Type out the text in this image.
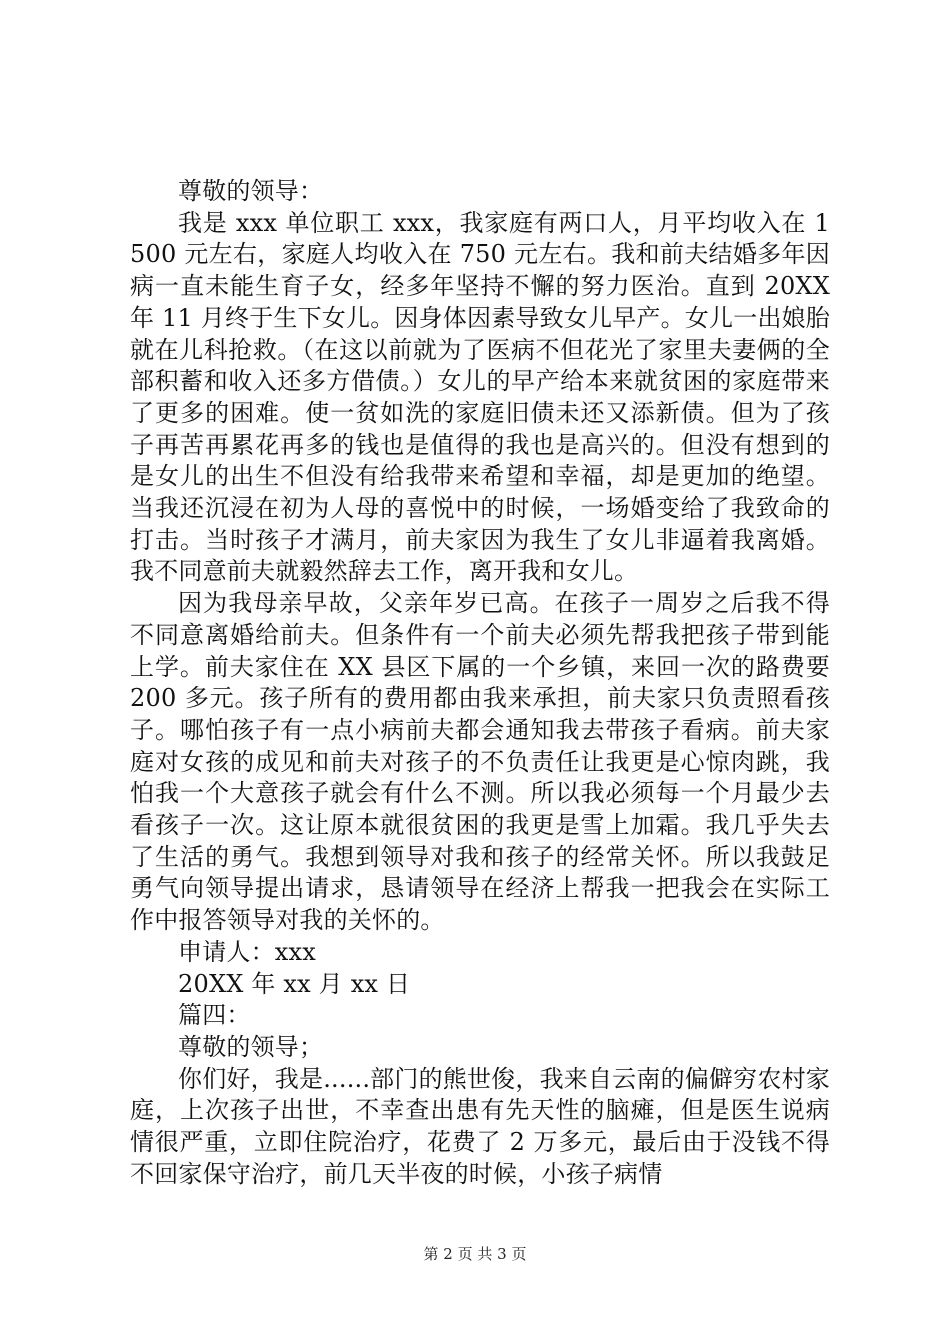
尊敬的领导：

我是 xxx 单位职工 xxx，我家庭有两口人，月平均收入在 1500 元左右，家庭人均收入在 750 元左右。我和前夫结婚多年因病一直未能生育子女，经多年坚持不懈的努力医治。直到 20XX 年 11 月终于生下女儿。因身体因素导致女儿早产。女儿一出娘胎就在儿科抢救。（在这以前就为了医病不但花光了家里夫妻俩的全部积蓄和收入还多方借债。）女儿的早产给本来就贫困的家庭带来了更多的困难。使一贫如洗的家庭旧债未还又添新债。但为了孩子再苦再累花再多的钱也是值得的我也是高兴的。但没有想到的是女儿的出生不但没有给我带来希望和幸福，却是更加的绝望。当我还沉浸在初为人母的喜悦中的时候，一场婚变给了我致命的打击。当时孩子才满月，前夫家因为我生了女儿非逼着我离婚。我不同意前夫就毅然辞去工作，离开我和女儿。

因为我母亲早故，父亲年岁已高。在孩子一周岁之后我不得不同意离婚给前夫。但条件有一个前夫必须先帮我把孩子带到能上学。前夫家住在 XX 县区下属的一个乡镇，来回一次的路费要 200 多元。孩子所有的费用都由我来承担，前夫家只负责照看孩子。哪怕孩子有一点小病前夫都会通知我去带孩子看病。前夫家庭对女孩的成见和前夫对孩子的不负责任让我更是心惊肉跳，我怕我一个大意孩子就会有什么不测。所以我必须每一个月最少去看孩子一次。这让原本就很贫困的我更是雪上加霜。我几乎失去了生活的勇气。我想到领导对我和孩子的经常关怀。所以我鼓足勇气向领导提出请求，恳请领导在经济上帮我一把我会在实际工作中报答领导对我的关怀的。

申请人：xxx

20XX 年 xx 月 xx 日

篇四：

尊敬的领导；

你们好，我是......部门的熊世俊，我来自云南的偏僻穷农村家庭，上次孩子出世，不幸查出患有先天性的脑瘫，但是医生说病情很严重，立即住院治疗，花费了 2 万多元，最后由于没钱不得不回家保守治疗，前几天半夜的时候，小孩子病情

第 2 页 共 3 页
